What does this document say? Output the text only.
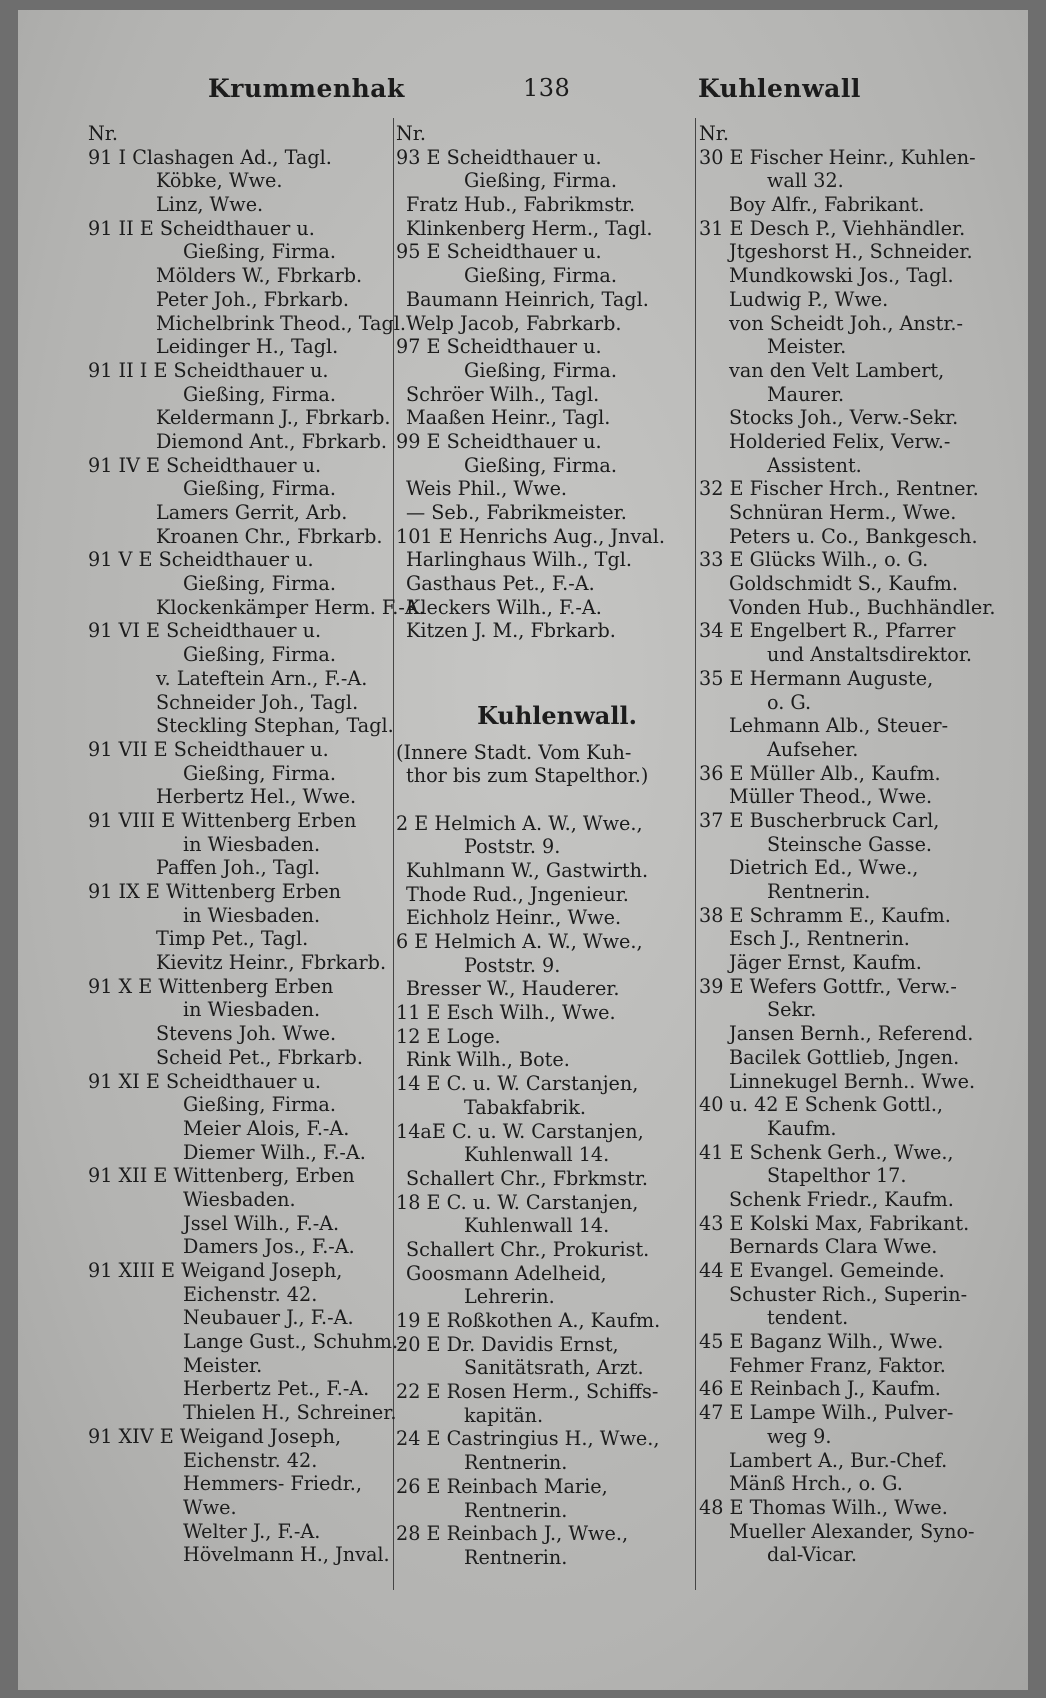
Krummenhak	138	Kuhlenwall
Nr.
91 I Clashagen Ad., Tagl.
Köbke, Wwe.
Linz, Wwe.
91 II E Scheidthauer u.
Gießing, Firma.
Mölders W., Fbrkarb.
Peter Joh., Fbrkarb.
Michelbrink Theod., Tagl.
Leidinger H., Tagl.
91 II I E Scheidthauer u.
Gießing, Firma.
Keldermann J., Fbrkarb.
Diemond Ant., Fbrkarb.
91 IV E Scheidthauer u.
Gießing, Firma.
Lamers Gerrit, Arb.
Kroanen Chr., Fbrkarb.
91 V E Scheidthauer u.
Gießing, Firma.
Klockenkämper Herm. F.-A.
91 VI E Scheidthauer u.
Gießing, Firma.
v. Lateftein Arn., F.-A.
Schneider Joh., Tagl.
Steckling Stephan, Tagl.
91 VII E Scheidthauer u.
Gießing, Firma.
Herbertz Hel., Wwe.
91 VIII E Wittenberg Erben
in Wiesbaden.
Paffen Joh., Tagl.
91 IX E Wittenberg Erben
in Wiesbaden.
Timp Pet., Tagl.
Kievitz Heinr., Fbrkarb.
91 X E Wittenberg Erben
in Wiesbaden.
Stevens Joh. Wwe.
Scheid Pet., Fbrkarb.
91 XI E Scheidthauer u.
Gießing, Firma.
Meier Alois, F.-A.
Diemer Wilh., F.-A.
91 XII E Wittenberg, Erben
Wiesbaden.
Jssel Wilh., F.-A.
Damers Jos., F.-A.
91 XIII E Weigand Joseph,
Eichenstr. 42.
Neubauer J., F.-A.
Lange Gust., Schuhm.-
Meister.
Herbertz Pet., F.-A.
Thielen H., Schreiner.
91 XIV E Weigand Joseph,
Eichenstr. 42.
Hemmers- Friedr.,
Wwe.
Welter J., F.-A.
Hövelmann H., Jnval.
Nr.
93 E Scheidthauer u.
Gießing, Firma.
Fratz Hub., Fabrikmstr.
Klinkenberg Herm., Tagl.
95 E Scheidthauer u.
Gießing, Firma.
Baumann Heinrich, Tagl.
Welp Jacob, Fabrkarb.
97 E Scheidthauer u.
Gießing, Firma.
Schröer Wilh., Tagl.
Maaßen Heinr., Tagl.
99 E Scheidthauer u.
Gießing, Firma.
Weis Phil., Wwe.
— Seb., Fabrikmeister.
101 E Henrichs Aug., Jnval.
Harlinghaus Wilh., Tgl.
Gasthaus Pet., F.-A.
Kleckers Wilh., F.-A.
Kitzen J. M., Fbrkarb.
Kuhlenwall.
(Innere Stadt. Vom Kuh-
thor bis zum Stapelthor.)
2 E Helmich A. W., Wwe.,
Poststr. 9.
Kuhlmann W., Gastwirth.
Thode Rud., Jngenieur.
Eichholz Heinr., Wwe.
6 E Helmich A. W., Wwe.,
Poststr. 9.
Bresser W., Hauderer.
11 E Esch Wilh., Wwe.
12 E Loge.
Rink Wilh., Bote.
14 E C. u. W. Carstanjen,
Tabakfabrik.
14aE C. u. W. Carstanjen,
Kuhlenwall 14.
Schallert Chr., Fbrkmstr.
18 E C. u. W. Carstanjen,
Kuhlenwall 14.
Schallert Chr., Prokurist.
Goosmann Adelheid,
Lehrerin.
19 E Roßkothen A., Kaufm.
20 E Dr. Davidis Ernst,
Sanitätsrath, Arzt.
22 E Rosen Herm., Schiffs-
kapitän.
24 E Castringius H., Wwe.,
Rentnerin.
26 E Reinbach Marie,
Rentnerin.
28 E Reinbach J., Wwe.,
Rentnerin.
Nr.
30 E Fischer Heinr., Kuhlen-
wall 32.
Boy Alfr., Fabrikant.
31 E Desch P., Viehhändler.
Jtgeshorst H., Schneider.
Mundkowski Jos., Tagl.
Ludwig P., Wwe.
von Scheidt Joh., Anstr.-
Meister.
van den Velt Lambert,
Maurer.
Stocks Joh., Verw.-Sekr.
Holderied Felix, Verw.-
Assistent.
32 E Fischer Hrch., Rentner.
Schnüran Herm., Wwe.
Peters u. Co., Bankgesch.
33 E Glücks Wilh., o. G.
Goldschmidt S., Kaufm.
Vonden Hub., Buchhändler.
34 E Engelbert R., Pfarrer
und Anstaltsdirektor.
35 E Hermann Auguste,
o. G.
Lehmann Alb., Steuer-
Aufseher.
36 E Müller Alb., Kaufm.
Müller Theod., Wwe.
37 E Buscherbruck Carl,
Steinsche Gasse.
Dietrich Ed., Wwe.,
Rentnerin.
38 E Schramm E., Kaufm.
Esch J., Rentnerin.
Jäger Ernst, Kaufm.
39 E Wefers Gottfr., Verw.-
Sekr.
Jansen Bernh., Referend.
Bacilek Gottlieb, Jngen.
Linnekugel Bernh.. Wwe.
40 u. 42 E Schenk Gottl.,
Kaufm.
41 E Schenk Gerh., Wwe.,
Stapelthor 17.
Schenk Friedr., Kaufm.
43 E Kolski Max, Fabrikant.
Bernards Clara Wwe.
44 E Evangel. Gemeinde.
Schuster Rich., Superin-
tendent.
45 E Baganz Wilh., Wwe.
Fehmer Franz, Faktor.
46 E Reinbach J., Kaufm.
47 E Lampe Wilh., Pulver-
weg 9.
Lambert A., Bur.-Chef.
Mänß Hrch., o. G.
48 E Thomas Wilh., Wwe.
Mueller Alexander, Syno-
dal-Vicar.
